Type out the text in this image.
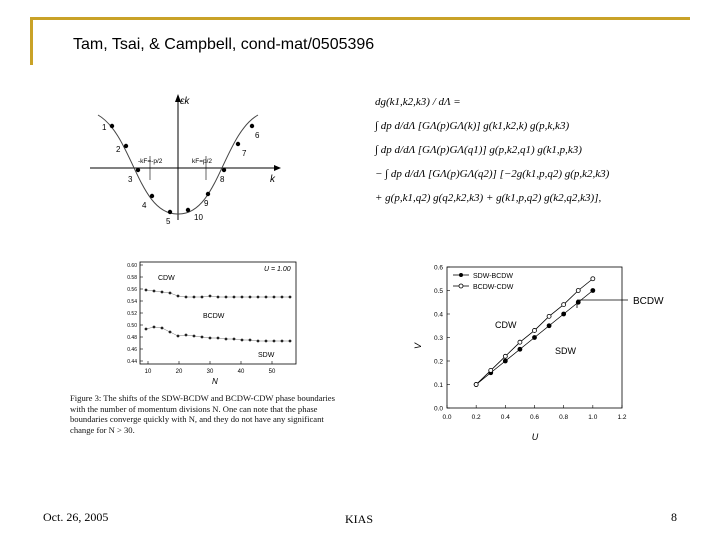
Tam, Tsai, & Campbell, cond-mat/0505396
εk
k
-kF=-p/2	kF=p/2
1
2
3
4
5
6
7
8
9
10
dg(k1,k2,k3) / dΛ =
∫ dp d/dΛ [GΛ(p)GΛ(k)] g(k1,k2,k) g(p,k,k3)
∫ dp d/dΛ [GΛ(p)GΛ(q1)] g(p,k2,q1) g(k1,p,k3)
− ∫ dp d/dΛ [GΛ(p)GΛ(q2)] [−2g(k1,p,q2) g(p,k2,k3)
+ g(p,k1,q2) g(q2,k2,k3) + g(k1,p,q2) g(k2,q2,k3)],
0.60
0.58
0.56
0.54
0.52
0.50
0.48
0.46
0.44
10	20	30	40	50
U = 1.00
CDW
BCDW
SDW
N
Figure 3: The shifts of the SDW-BCDW and BCDW-CDW phase boundaries with the number of momentum divisions N. One can note that the phase boundaries converge quickly with N, and they do not have any significant change for N > 30.
0.0
0.1
0.2
0.3
0.4
0.5
0.6
0.0	0.2	0.4	0.6	0.8	1.0	1.2
V
U
SDW-BCDW
BCDW-CDW
CDW
SDW
BCDW
Oct. 26, 2005	KIAS	8
